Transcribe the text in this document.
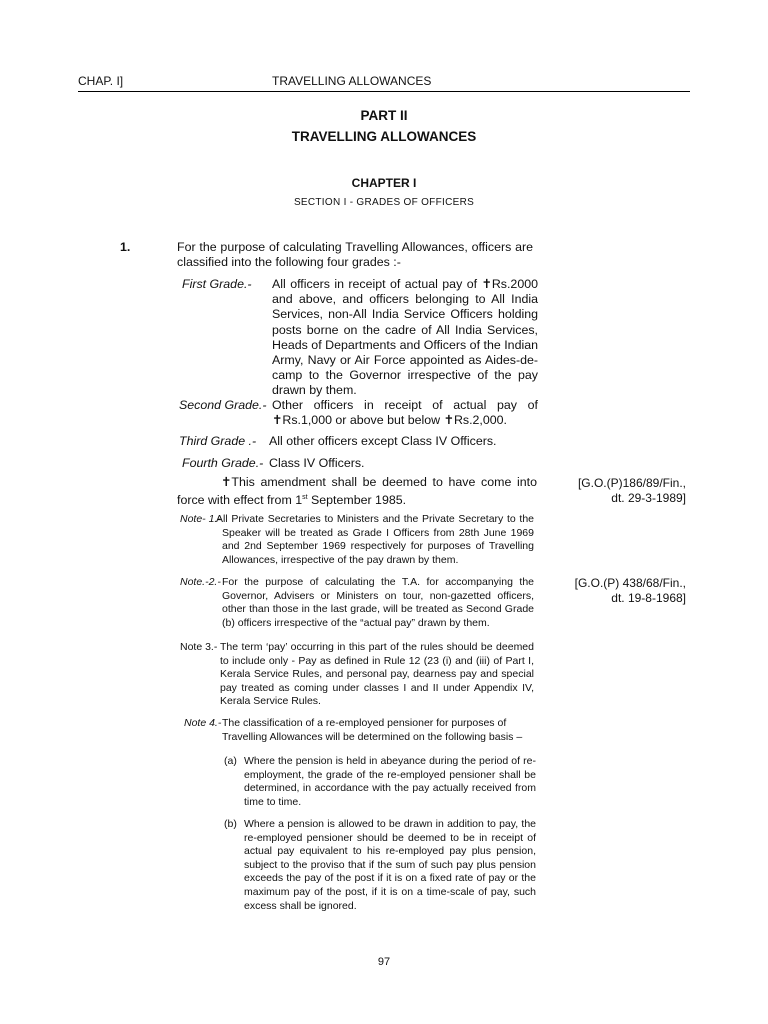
CHAP. I]	TRAVELLING ALLOWANCES
PART II
TRAVELLING ALLOWANCES
CHAPTER I
SECTION I - GRADES OF OFFICERS
1.	For the purpose of calculating Travelling Allowances, officers are classified into the following four grades :-

First Grade.- All officers in receipt of actual pay of ✝Rs.2000 and above, and officers belonging to All India Services, non-All India Service Officers holding posts borne on the cadre of All India Services, Heads of Departments and Officers of the Indian Army, Navy or Air Force appointed as Aides-de-camp to the Governor irrespective of the pay drawn by them.

Second Grade.- Other officers in receipt of actual pay of ✝Rs.1,000 or above but below ✝Rs.2,000.

Third Grade .- All other officers except Class IV Officers.

Fourth Grade.- Class IV Officers.

✝This amendment shall be deemed to have come into force with effect from 1st September 1985.

[G.O.(P)186/89/Fin.,
dt. 29-3-1989]
Note- 1.-

All Private Secretaries to Ministers and the Private Secretary to the Speaker will be treated as Grade I Officers from 28th June 1969 and 2nd September 1969 respectively for purposes of Travelling Allowances, irrespective of the pay drawn by them.

Note.-2.- For the purpose of calculating the T.A. for accompanying the Governor, Advisers or Ministers on tour, non-gazetted officers, other than those in the last grade, will be treated as Second Grade (b) officers irrespective of the “actual pay” drawn by them.

[G.O.(P) 438/68/Fin.,
dt. 19-8-1968]
Note 3.- The term ‘pay’ occurring in this part of the rules should be deemed to include only - Pay as defined in Rule 12 (23 (i) and (iii) of Part I, Kerala Service Rules, and personal pay, dearness pay and special pay treated as coming under classes I and II under Appendix IV, Kerala Service Rules.

Note 4.- The classification of a re-employed pensioner for purposes of Travelling Allowances will be determined on the following basis –

(a) Where the pension is held in abeyance during the period of re-employment, the grade of the re-employed pensioner shall be determined, in accordance with the pay actually received from time to time.

(b) Where a pension is allowed to be drawn in addition to pay, the re-employed pensioner should be deemed to be in receipt of actual pay equivalent to his re-employed pay plus pension, subject to the proviso that if the sum of such pay plus pension exceeds the pay of the post if it is on a fixed rate of pay or the maximum pay of the post, if it is on a time-scale of pay, such excess shall be ignored.

97
